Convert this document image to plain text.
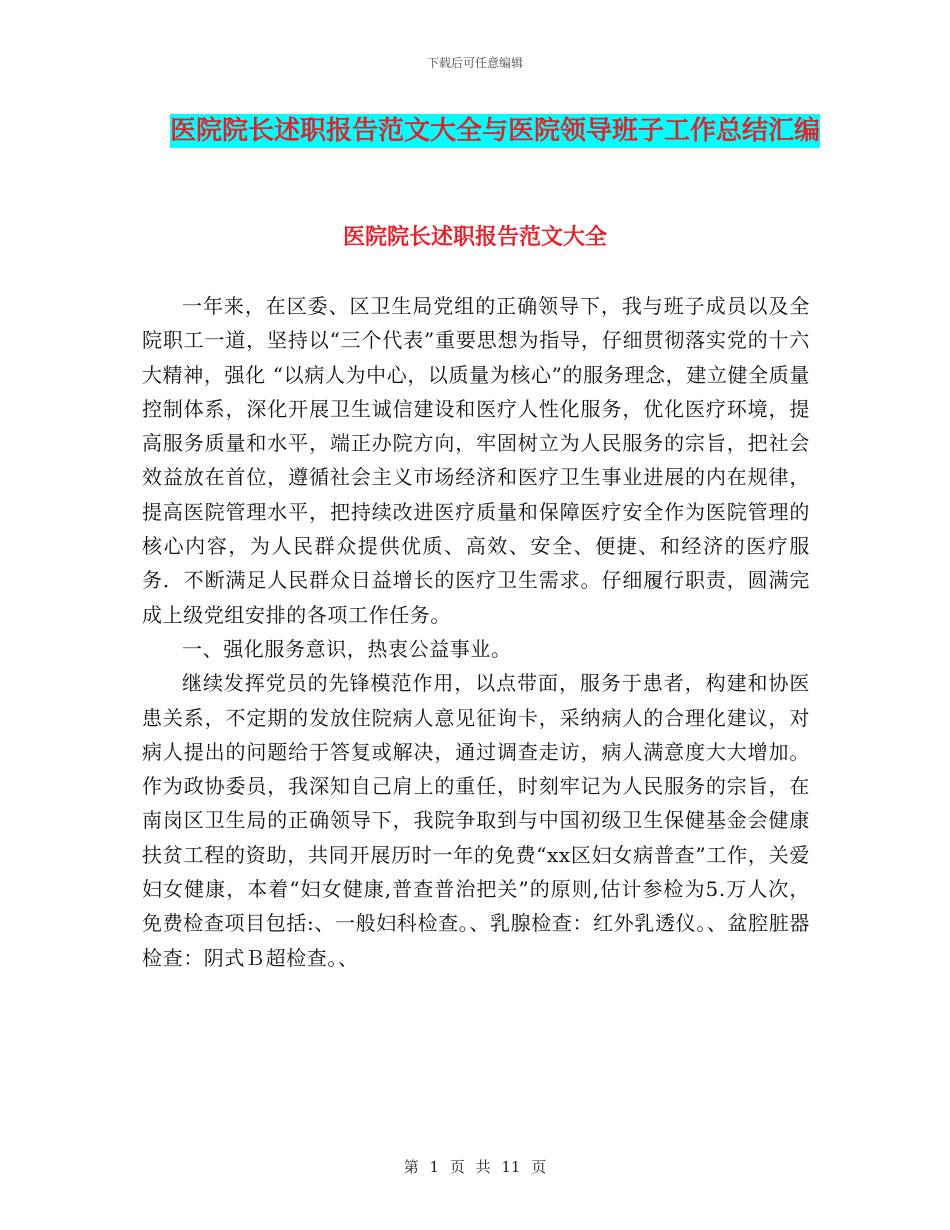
下载后可任意编辑
医院院长述职报告范文大全与医院领导班子工作总结汇编
医院院长述职报告范文大全

一年来，在区委、区卫生局党组的正确领导下，我与班子成员以及全院职工一道，坚持以“三个代表”重要思想为指导，仔细贯彻落实党的十六大精神，强化 “以病人为中心，以质量为核心”的服务理念，建立健全质量控制体系，深化开展卫生诚信建设和医疗人性化服务，优化医疗环境，提高服务质量和水平，端正办院方向，牢固树立为人民服务的宗旨，把社会效益放在首位，遵循社会主义市场经济和医疗卫生事业进展的内在规律，提高医院管理水平，把持续改进医疗质量和保障医疗安全作为医院管理的核心内容，为人民群众提供优质、高效、安全、便捷、和经济的医疗服务．不断满足人民群众日益增长的医疗卫生需求。仔细履行职责，圆满完成上级党组安排的各项工作任务。

一、强化服务意识，热衷公益事业。

继续发挥党员的先锋模范作用，以点带面，服务于患者，构建和协医患关系，不定期的发放住院病人意见征询卡，采纳病人的合理化建议，对病人提出的问题给于答复或解决，通过调查走访，病人满意度大大增加。作为政协委员，我深知自己肩上的重任，时刻牢记为人民服务的宗旨，在南岗区卫生局的正确领导下，我院争取到与中国初级卫生保健基金会健康扶贫工程的资助，共同开展历时一年的免费“xx区妇女病普查”工作，关爱妇女健康，本着“妇女健康,普查普治把关”的原则,估计参检为5.万人次，免费检查项目包括:、一般妇科检查。、乳腺检查：红外乳透仪。、盆腔脏器检查：阴式Ｂ超检查。、

第 1 页 共 11 页
